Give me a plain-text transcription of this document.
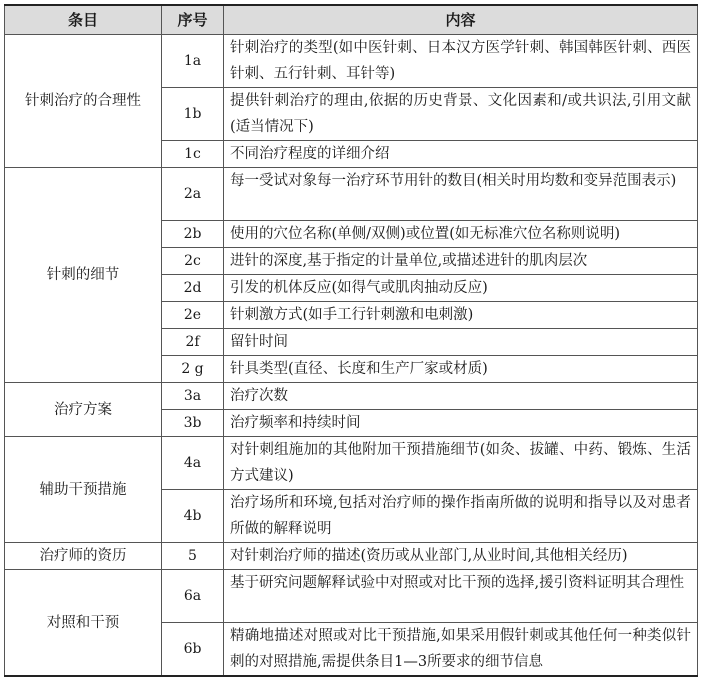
条目	序号	内容
针刺治疗的合理性	1a	针刺治疗的类型(如中医针刺、日本汉方医学针刺、韩国韩医针刺、西医针刺、五行针刺、耳针等)
	1b	提供针刺治疗的理由,依据的历史背景、文化因素和/或共识法,引用文献(适当情况下)
	1c	不同治疗程度的详细介绍
针刺的细节	2a	每一受试对象每一治疗环节用针的数目(相关时用均数和变异范围表示)
	2b	使用的穴位名称(单侧/双侧)或位置(如无标准穴位名称则说明)
	2c	进针的深度,基于指定的计量单位,或描述进针的肌肉层次
	2d	引发的机体反应(如得气或肌肉抽动反应)
	2e	针刺激方式(如手工行针刺激和电刺激)
	2f	留针时间
	2 g	针具类型(直径、长度和生产厂家或材质)
治疗方案	3a	治疗次数
	3b	治疗频率和持续时间
辅助干预措施	4a	对针刺组施加的其他附加干预措施细节(如灸、拔罐、中药、锻炼、生活方式建议)
	4b	治疗场所和环境,包括对治疗师的操作指南所做的说明和指导以及对患者所做的解释说明
治疗师的资历	5	对针刺治疗师的描述(资历或从业部门,从业时间,其他相关经历)
对照和干预	6a	基于研究问题解释试验中对照或对比干预的选择,援引资料证明其合理性
	6b	精确地描述对照或对比干预措施,如果采用假针刺或其他任何一种类似针刺的对照措施,需提供条目1—3所要求的细节信息
